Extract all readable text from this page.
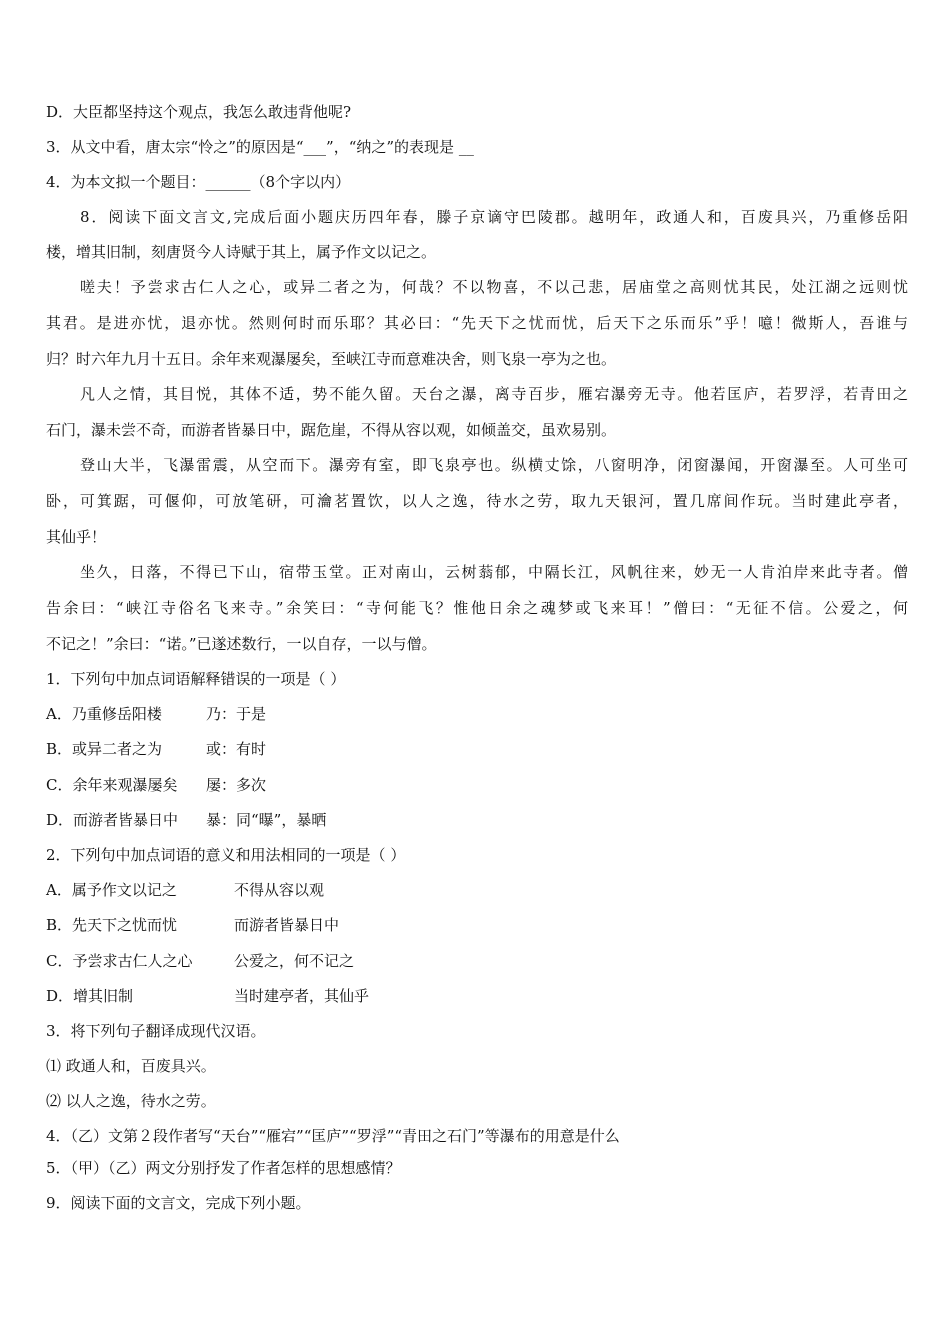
D．大臣都坚持这个观点，我怎么敢违背他呢?
3．从文中看，唐太宗“怜之”的原因是“___”，“纳之”的表现是 __
4．为本文拟一个题目：______（8个字以内）
8．阅读下面文言文,完成后面小题庆历四年春，滕子京谪守巴陵郡。越明年，政通人和，百废具兴，乃重修岳阳
楼，增其旧制，刻唐贤今人诗赋于其上，属予作文以记之。
嗟夫！予尝求古仁人之心，或异二者之为，何哉？不以物喜，不以己悲，居庙堂之高则忧其民，处江湖之远则忧
其君。是进亦忧，退亦忧。然则何时而乐耶？其必曰：“先天下之忧而忧，后天下之乐而乐”乎！噫！微斯人，吾谁与
归？时六年九月十五日。余年来观瀑屡矣，至峡江寺而意难决舍，则飞泉一亭为之也。
凡人之情，其目悦，其体不适，势不能久留。天台之瀑，离寺百步，雁宕瀑旁无寺。他若匡庐，若罗浮，若青田之
石门，瀑未尝不奇，而游者皆暴日中，踞危崖，不得从容以观，如倾盖交，虽欢易别。
登山大半，飞瀑雷震，从空而下。瀑旁有室，即飞泉亭也。纵横丈馀，八窗明净，闭窗瀑闻，开窗瀑至。人可坐可
卧，可箕踞，可偃仰，可放笔研，可瀹茗置饮，以人之逸，待水之劳，取九天银河，置几席间作玩。当时建此亭者，
其仙乎！
坐久，日落，不得已下山，宿带玉堂。正对南山，云树蓊郁，中隔长江，风帆往来，妙无一人肯泊岸来此寺者。僧
告余曰：“峡江寺俗名飞来寺。”余笑曰：“寺何能飞？惟他日余之魂梦或飞来耳！”僧曰：“无征不信。公爱之，何
不记之！”余曰：“诺。”已遂述数行，一以自存，一以与僧。
1．下列句中加点词语解释错误的一项是（ ）
A．乃重修岳阳楼	乃：于是
B．或异二者之为	或：有时
C．余年来观瀑屡矣 屡：多次
D．而游者皆暴日中 暴：同“曝”，暴晒
2．下列句中加点词语的意义和用法相同的一项是（ ）
A．属予作文以记之	不得从容以观
B．先天下之忧而忧	而游者皆暴日中
C．予尝求古仁人之心	公爱之，何不记之
D．增其旧制	当时建亭者，其仙乎
3．将下列句子翻译成现代汉语。
⑴ 政通人和，百废具兴。
⑵ 以人之逸，待水之劳。
4．（乙）文第２段作者写“天台”“雁宕”“匡庐”“罗浮”“青田之石门”等瀑布的用意是什么
5．（甲）（乙）两文分别抒发了作者怎样的思想感情？
9．阅读下面的文言文，完成下列小题。
